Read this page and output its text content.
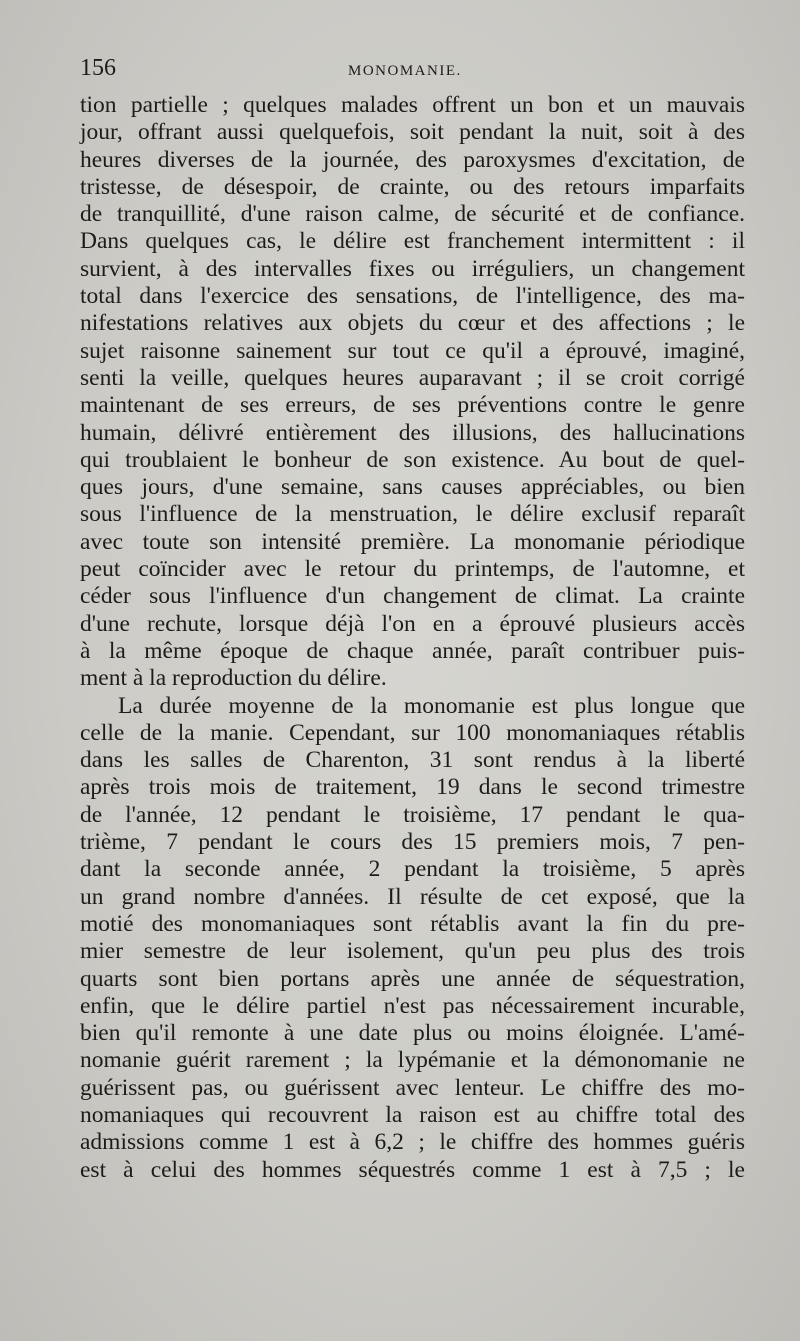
156	MONOMANIE.
tion partielle ; quelques malades offrent un bon et un mauvais
jour, offrant aussi quelquefois, soit pendant la nuit, soit à des
heures diverses de la journée, des paroxysmes d'excitation, de
tristesse, de désespoir, de crainte, ou des retours imparfaits
de tranquillité, d'une raison calme, de sécurité et de confiance.
Dans quelques cas, le délire est franchement intermittent : il
survient, à des intervalles fixes ou irréguliers, un changement
total dans l'exercice des sensations, de l'intelligence, des ma-
nifestations relatives aux objets du cœur et des affections ; le
sujet raisonne sainement sur tout ce qu'il a éprouvé, imaginé,
senti la veille, quelques heures auparavant ; il se croit corrigé
maintenant de ses erreurs, de ses préventions contre le genre
humain, délivré entièrement des illusions, des hallucinations
qui troublaient le bonheur de son existence. Au bout de quel-
ques jours, d'une semaine, sans causes appréciables, ou bien
sous l'influence de la menstruation, le délire exclusif reparaît
avec toute son intensité première. La monomanie périodique
peut coïncider avec le retour du printemps, de l'automne, et
céder sous l'influence d'un changement de climat. La crainte
d'une rechute, lorsque déjà l'on en a éprouvé plusieurs accès
à la même époque de chaque année, paraît contribuer puis-
ment à la reproduction du délire.
La durée moyenne de la monomanie est plus longue que
celle de la manie. Cependant, sur 100 monomaniaques rétablis
dans les salles de Charenton, 31 sont rendus à la liberté
après trois mois de traitement, 19 dans le second trimestre
de l'année, 12 pendant le troisième, 17 pendant le qua-
trième, 7 pendant le cours des 15 premiers mois, 7 pen-
dant la seconde année, 2 pendant la troisième, 5 après
un grand nombre d'années. Il résulte de cet exposé, que la
motié des monomaniaques sont rétablis avant la fin du pre-
mier semestre de leur isolement, qu'un peu plus des trois
quarts sont bien portans après une année de séquestration,
enfin, que le délire partiel n'est pas nécessairement incurable,
bien qu'il remonte à une date plus ou moins éloignée. L'amé-
nomanie guérit rarement ; la lypémanie et la démonomanie ne
guérissent pas, ou guérissent avec lenteur. Le chiffre des mo-
nomaniaques qui recouvrent la raison est au chiffre total des
admissions comme 1 est à 6,2 ; le chiffre des hommes guéris
est à celui des hommes séquestrés comme 1 est à 7,5 ; le
